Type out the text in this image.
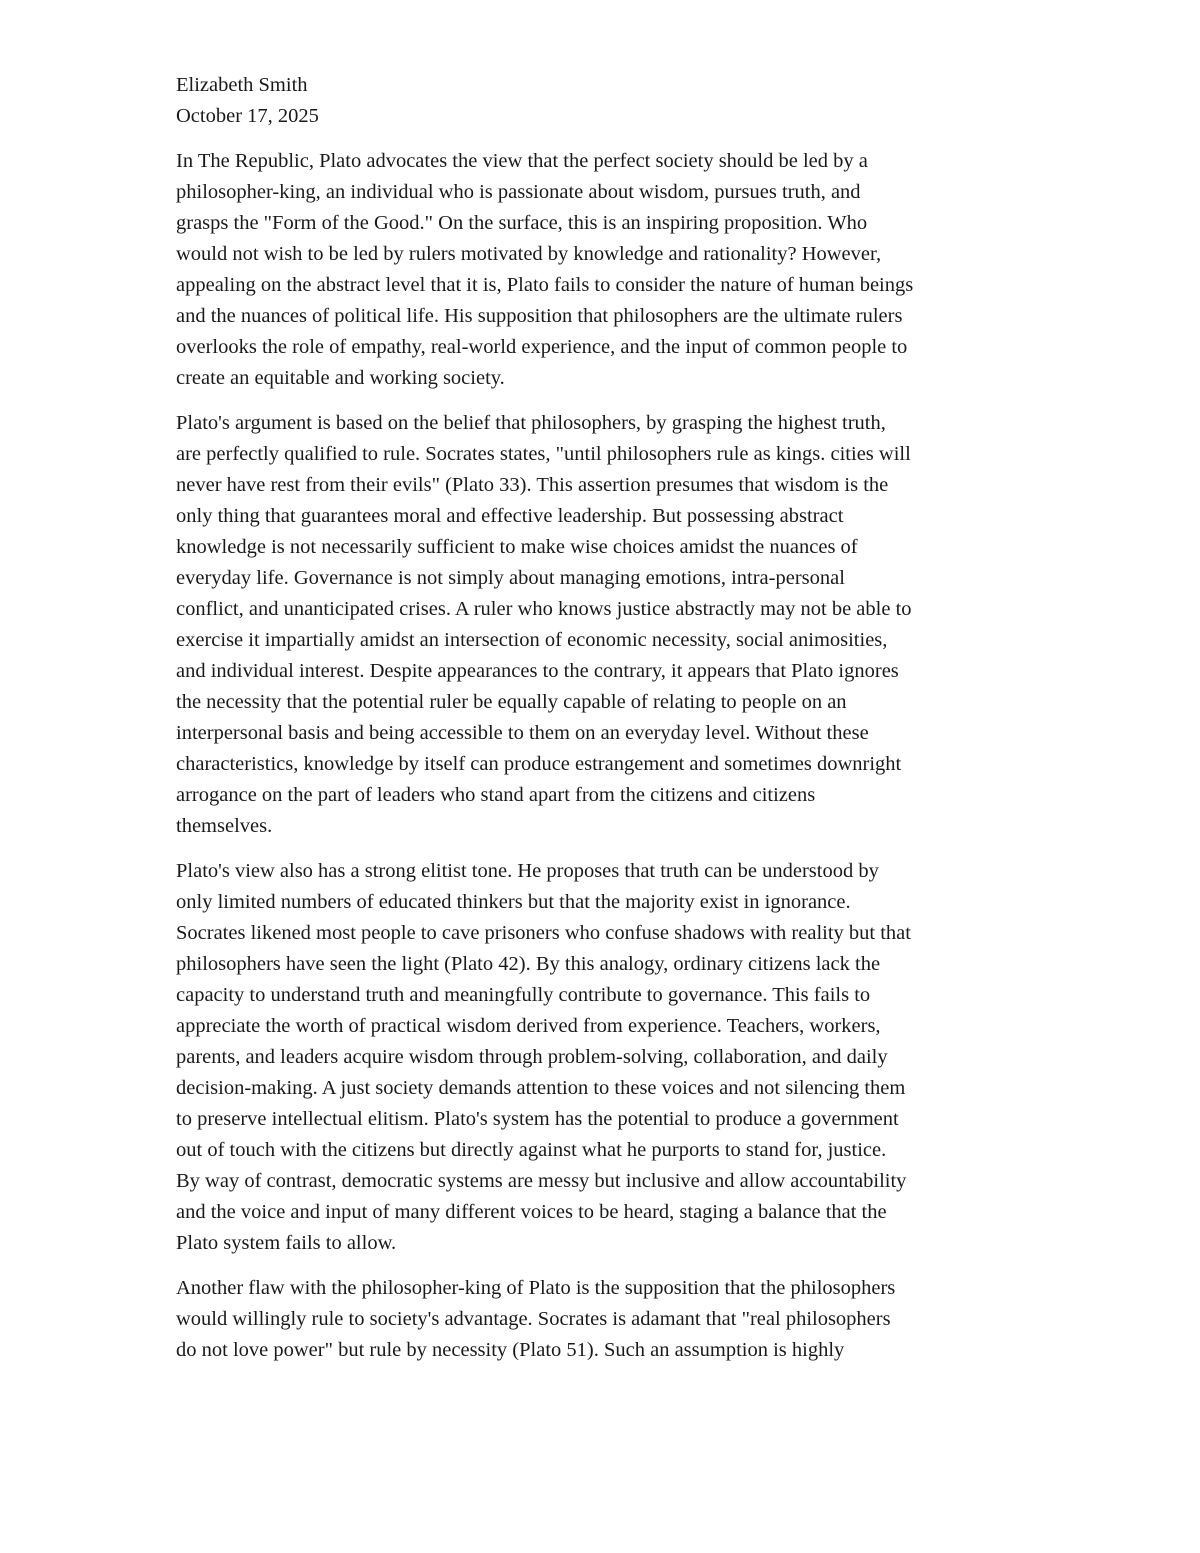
Elizabeth Smith

October 17, 2025

In The Republic, Plato advocates the view that the perfect society should be led by a
philosopher-king, an individual who is passionate about wisdom, pursues truth, and
grasps the "Form of the Good." On the surface, this is an inspiring proposition. Who
would not wish to be led by rulers motivated by knowledge and rationality? However,
appealing on the abstract level that it is, Plato fails to consider the nature of human beings
and the nuances of political life. His supposition that philosophers are the ultimate rulers
overlooks the role of empathy, real-world experience, and the input of common people to
create an equitable and working society.

Plato's argument is based on the belief that philosophers, by grasping the highest truth,
are perfectly qualified to rule. Socrates states, "until philosophers rule as kings. cities will
never have rest from their evils" (Plato 33). This assertion presumes that wisdom is the
only thing that guarantees moral and effective leadership. But possessing abstract
knowledge is not necessarily sufficient to make wise choices amidst the nuances of
everyday life. Governance is not simply about managing emotions, intra-personal
conflict, and unanticipated crises. A ruler who knows justice abstractly may not be able to
exercise it impartially amidst an intersection of economic necessity, social animosities,
and individual interest. Despite appearances to the contrary, it appears that Plato ignores
the necessity that the potential ruler be equally capable of relating to people on an
interpersonal basis and being accessible to them on an everyday level. Without these
characteristics, knowledge by itself can produce estrangement and sometimes downright
arrogance on the part of leaders who stand apart from the citizens and citizens
themselves.

Plato's view also has a strong elitist tone. He proposes that truth can be understood by
only limited numbers of educated thinkers but that the majority exist in ignorance.
Socrates likened most people to cave prisoners who confuse shadows with reality but that
philosophers have seen the light (Plato 42). By this analogy, ordinary citizens lack the
capacity to understand truth and meaningfully contribute to governance. This fails to
appreciate the worth of practical wisdom derived from experience. Teachers, workers,
parents, and leaders acquire wisdom through problem-solving, collaboration, and daily
decision-making. A just society demands attention to these voices and not silencing them
to preserve intellectual elitism. Plato's system has the potential to produce a government
out of touch with the citizens but directly against what he purports to stand for, justice.
By way of contrast, democratic systems are messy but inclusive and allow accountability
and the voice and input of many different voices to be heard, staging a balance that the
Plato system fails to allow.

Another flaw with the philosopher-king of Plato is the supposition that the philosophers
would willingly rule to society's advantage. Socrates is adamant that "real philosophers
do not love power" but rule by necessity (Plato 51). Such an assumption is highly
